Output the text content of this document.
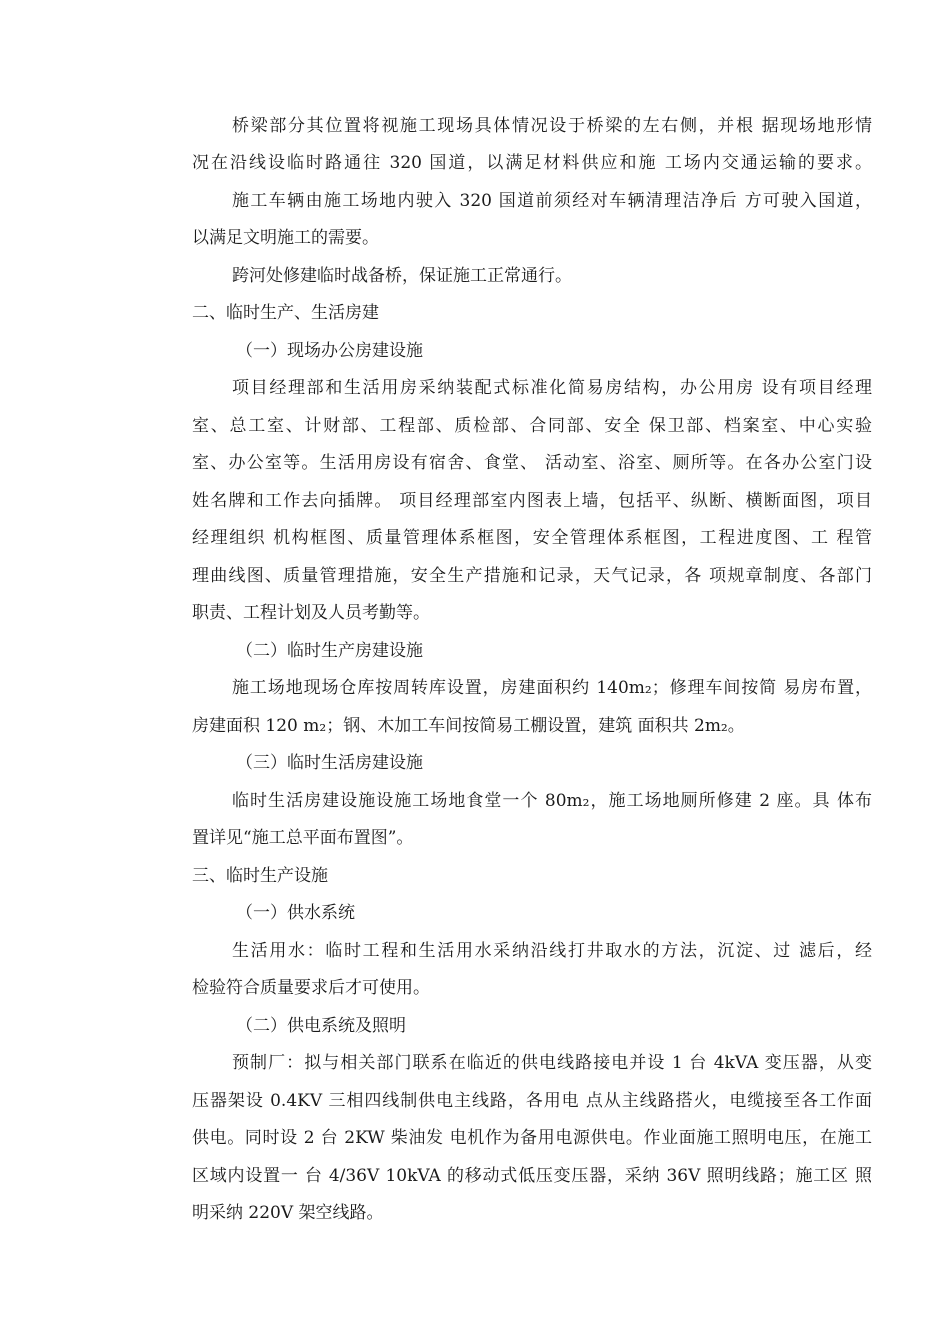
桥梁部分其位置将视施工现场具体情况设于桥梁的左右侧，并根 据现场地形情
况在沿线设临时路通往 320 国道，以满足材料供应和施 工场内交通运输的要求。
施工车辆由施工场地内驶入 320 国道前须经对车辆清理洁净后 方可驶入国道，
以满足文明施工的需要。
跨河处修建临时战备桥，保证施工正常通行。
二、临时生产、生活房建
（一）现场办公房建设施
项目经理部和生活用房采纳装配式标准化简易房结构，办公用房 设有项目经理
室、总工室、计财部、工程部、质检部、合同部、安全 保卫部、档案室、中心实验
室、办公室等。生活用房设有宿舍、食堂、 活动室、浴室、厕所等。在各办公室门设
姓名牌和工作去向插牌。 项目经理部室内图表上墙，包括平、纵断、横断面图，项目
经理组织 机构框图、质量管理体系框图，安全管理体系框图，工程进度图、工 程管
理曲线图、质量管理措施，安全生产措施和记录，天气记录，各 项规章制度、各部门
职责、工程计划及人员考勤等。
（二）临时生产房建设施
施工场地现场仓库按周转库设置，房建面积约 140m₂；修理车间按简 易房布置，
房建面积 120 m₂；钢、木加工车间按简易工棚设置，建筑 面积共 2m₂。
（三）临时生活房建设施
临时生活房建设施设施工场地食堂一个 80m₂，施工场地厕所修建 2 座。具 体布
置详见“施工总平面布置图”。
三、临时生产设施
（一）供水系统
生活用水：临时工程和生活用水采纳沿线打井取水的方法，沉淀、过 滤后，经
检验符合质量要求后才可使用。
（二）供电系统及照明
预制厂：拟与相关部门联系在临近的供电线路接电并设 1 台 4kVA 变压器，从变
压器架设 0.4KV 三相四线制供电主线路，各用电 点从主线路搭火，电缆接至各工作面
供电。同时设 2 台 2KW 柴油发 电机作为备用电源供电。作业面施工照明电压，在施工
区域内设置一 台 4/36V 10kVA 的移动式低压变压器，采纳 36V 照明线路；施工区 照
明采纳 220V 架空线路。
